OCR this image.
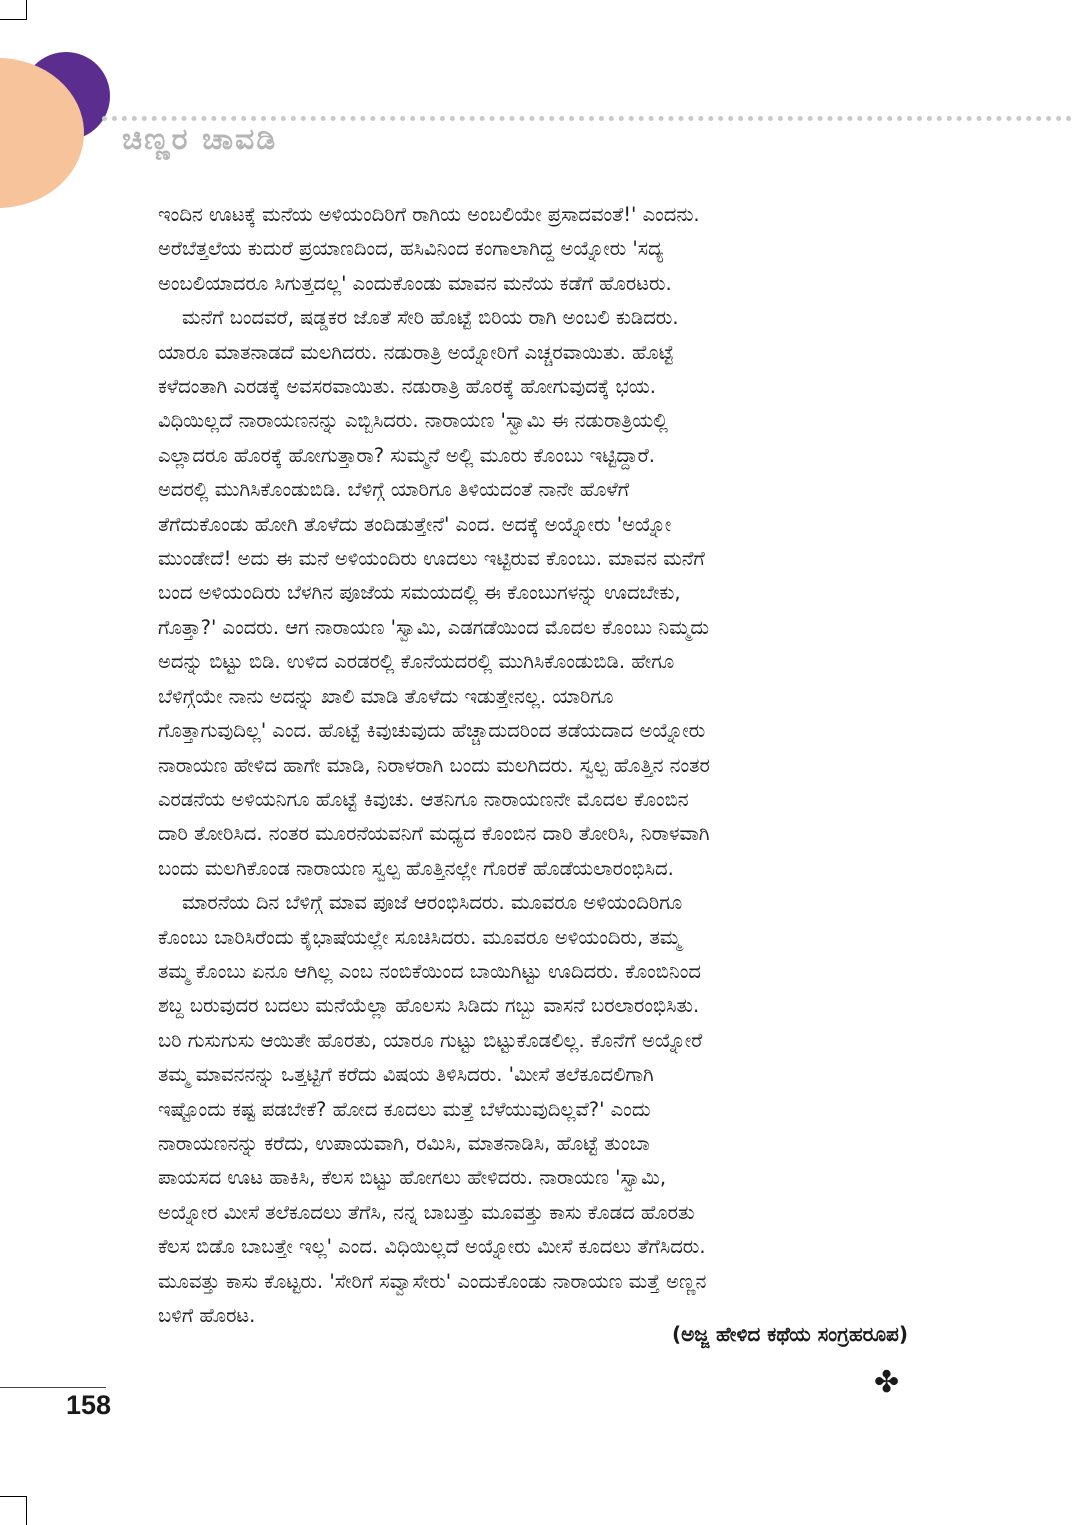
ಚಿಣ್ಣರ ಚಾವಡಿ
ಇಂದಿನ ಊಟಕ್ಕೆ ಮನೆಯ ಅಳಿಯಂದಿರಿಗೆ ರಾಗಿಯ ಅಂಬಲಿಯೇ ಪ್ರಸಾದವಂತೆ!' ಎಂದನು.
ಅರೆಬೆತ್ತಲೆಯ ಕುದುರೆ ಪ್ರಯಾಣದಿಂದ, ಹಸಿವಿನಿಂದ ಕಂಗಾಲಾಗಿದ್ದ ಅಯ್ನೋರು 'ಸದ್ಯ
ಅಂಬಲಿಯಾದರೂ ಸಿಗುತ್ತದಲ್ಲ' ಎಂದುಕೊಂಡು ಮಾವನ ಮನೆಯ ಕಡೆಗೆ ಹೊರಟರು.
ಮನೆಗೆ ಬಂದವರೆ, ಷಡ್ಡಕರ ಜೊತೆ ಸೇರಿ ಹೊಟ್ಟೆ ಬಿರಿಯ ರಾಗಿ ಅಂಬಲಿ ಕುಡಿದರು.
ಯಾರೂ ಮಾತನಾಡದೆ ಮಲಗಿದರು. ನಡುರಾತ್ರಿ ಅಯ್ನೋರಿಗೆ ಎಚ್ಚರವಾಯಿತು. ಹೊಟ್ಟೆ
ಕಳೆದಂತಾಗಿ ಎರಡಕ್ಕೆ ಅವಸರವಾಯಿತು. ನಡುರಾತ್ರಿ ಹೊರಕ್ಕೆ ಹೋಗುವುದಕ್ಕೆ ಭಯ.
ವಿಧಿಯಿಲ್ಲದೆ ನಾರಾಯಣನನ್ನು ಎಬ್ಬಿಸಿದರು. ನಾರಾಯಣ 'ಸ್ವಾಮಿ ಈ ನಡುರಾತ್ರಿಯಲ್ಲಿ
ಎಲ್ಲಾದರೂ ಹೊರಕ್ಕೆ ಹೋಗುತ್ತಾರಾ? ಸುಮ್ಮನೆ ಅಲ್ಲಿ ಮೂರು ಕೊಂಬು ಇಟ್ಟಿದ್ದಾರೆ.
ಅದರಲ್ಲಿ ಮುಗಿಸಿಕೊಂಡುಬಿಡಿ. ಬೆಳಿಗ್ಗೆ ಯಾರಿಗೂ ತಿಳಿಯದಂತೆ ನಾನೇ ಹೊಳೆಗೆ
ತೆಗೆದುಕೊಂಡು ಹೋಗಿ ತೊಳೆದು ತಂದಿಡುತ್ತೇನೆ' ಎಂದ. ಅದಕ್ಕೆ ಅಯ್ನೋರು 'ಅಯ್ನೋ
ಮುಂಡೇದೆ! ಅದು ಈ ಮನೆ ಅಳಿಯಂದಿರು ಊದಲು ಇಟ್ಟಿರುವ ಕೊಂಬು. ಮಾವನ ಮನೆಗೆ
ಬಂದ ಅಳಿಯಂದಿರು ಬೆಳಗಿನ ಪೂಜೆಯ ಸಮಯದಲ್ಲಿ ಈ ಕೊಂಬುಗಳನ್ನು ಊದಬೇಕು,
ಗೊತ್ತಾ?' ಎಂದರು. ಆಗ ನಾರಾಯಣ 'ಸ್ವಾಮಿ, ಎಡಗಡೆಯಿಂದ ಮೊದಲ ಕೊಂಬು ನಿಮ್ಮದು
ಅದನ್ನು ಬಿಟ್ಟು ಬಿಡಿ. ಉಳಿದ ಎರಡರಲ್ಲಿ ಕೊನೆಯದರಲ್ಲಿ ಮುಗಿಸಿಕೊಂಡುಬಿಡಿ. ಹೇಗೂ
ಬೆಳಿಗ್ಗೆಯೇ ನಾನು ಅದನ್ನು ಖಾಲಿ ಮಾಡಿ ತೊಳೆದು ಇಡುತ್ತೇನಲ್ಲ. ಯಾರಿಗೂ
ಗೊತ್ತಾಗುವುದಿಲ್ಲ' ಎಂದ. ಹೊಟ್ಟೆ ಕಿವುಚುವುದು ಹೆಚ್ಚಾದುದರಿಂದ ತಡೆಯದಾದ ಅಯ್ನೋರು
ನಾರಾಯಣ ಹೇಳಿದ ಹಾಗೇ ಮಾಡಿ, ನಿರಾಳರಾಗಿ ಬಂದು ಮಲಗಿದರು. ಸ್ವಲ್ಪ ಹೊತ್ತಿನ ನಂತರ
ಎರಡನೆಯ ಅಳಿಯನಿಗೂ ಹೊಟ್ಟೆ ಕಿವುಚು. ಆತನಿಗೂ ನಾರಾಯಣನೇ ಮೊದಲ ಕೊಂಬಿನ
ದಾರಿ ತೋರಿಸಿದ. ನಂತರ ಮೂರನೆಯವನಿಗೆ ಮಧ್ಯದ ಕೊಂಬಿನ ದಾರಿ ತೋರಿಸಿ, ನಿರಾಳವಾಗಿ
ಬಂದು ಮಲಗಿಕೊಂಡ ನಾರಾಯಣ ಸ್ವಲ್ಪ ಹೊತ್ತಿನಲ್ಲೇ ಗೊರಕೆ ಹೊಡೆಯಲಾರಂಭಿಸಿದ.
ಮಾರನೆಯ ದಿನ ಬೆಳಿಗ್ಗೆ ಮಾವ ಪೂಜೆ ಆರಂಭಿಸಿದರು. ಮೂವರೂ ಅಳಿಯಂದಿರಿಗೂ
ಕೊಂಬು ಬಾರಿಸಿರೆಂದು ಕೈಭಾಷೆಯಲ್ಲೇ ಸೂಚಿಸಿದರು. ಮೂವರೂ ಅಳಿಯಂದಿರು, ತಮ್ಮ
ತಮ್ಮ ಕೊಂಬು ಏನೂ ಆಗಿಲ್ಲ ಎಂಬ ನಂಬಿಕೆಯಿಂದ ಬಾಯಿಗಿಟ್ಟು ಊದಿದರು. ಕೊಂಬಿನಿಂದ
ಶಬ್ದ ಬರುವುದರ ಬದಲು ಮನೆಯೆಲ್ಲಾ ಹೊಲಸು ಸಿಡಿದು ಗಬ್ಬು ವಾಸನೆ ಬರಲಾರಂಭಿಸಿತು.
ಬರಿ ಗುಸುಗುಸು ಆಯಿತೇ ಹೊರತು, ಯಾರೂ ಗುಟ್ಟು ಬಿಟ್ಟುಕೊಡಲಿಲ್ಲ. ಕೊನೆಗೆ ಅಯ್ನೋರೆ
ತಮ್ಮ ಮಾವನನನ್ನು ಒತ್ತಟ್ಟಿಗೆ ಕರೆದು ವಿಷಯ ತಿಳಿಸಿದರು. 'ಮೀಸೆ ತಲೆಕೂದಲಿಗಾಗಿ
ಇಷ್ಟೊಂದು ಕಷ್ಟ ಪಡಬೇಕೆ? ಹೋದ ಕೂದಲು ಮತ್ತೆ ಬೆಳೆಯುವುದಿಲ್ಲವೆ?' ಎಂದು
ನಾರಾಯಣನನ್ನು ಕರೆದು, ಉಪಾಯವಾಗಿ, ರಮಿಸಿ, ಮಾತನಾಡಿಸಿ, ಹೊಟ್ಟೆ ತುಂಬಾ
ಪಾಯಸದ ಊಟ ಹಾಕಿಸಿ, ಕೆಲಸ ಬಿಟ್ಟು ಹೋಗಲು ಹೇಳಿದರು. ನಾರಾಯಣ 'ಸ್ವಾಮಿ,
ಅಯ್ನೋರ ಮೀಸೆ ತಲೆಕೂದಲು ತೆಗೆಸಿ, ನನ್ನ ಬಾಬತ್ತು ಮೂವತ್ತು ಕಾಸು ಕೊಡದ ಹೊರತು
ಕೆಲಸ ಬಿಡೊ ಬಾಬತ್ತೇ ಇಲ್ಲ' ಎಂದ. ವಿಧಿಯಿಲ್ಲದೆ ಅಯ್ನೋರು ಮೀಸೆ ಕೂದಲು ತೆಗೆಸಿದರು.
ಮೂವತ್ತು ಕಾಸು ಕೊಟ್ಟರು. 'ಸೇರಿಗೆ ಸವ್ವಾಸೇರು' ಎಂದುಕೊಂಡು ನಾರಾಯಣ ಮತ್ತೆ ಅಣ್ಣನ
ಬಳಿಗೆ ಹೊರಟ.

(ಅಜ್ಜ ಹೇಳಿದ ಕಥೆಯ ಸಂಗ್ರಹರೂಪ)

✤

158
